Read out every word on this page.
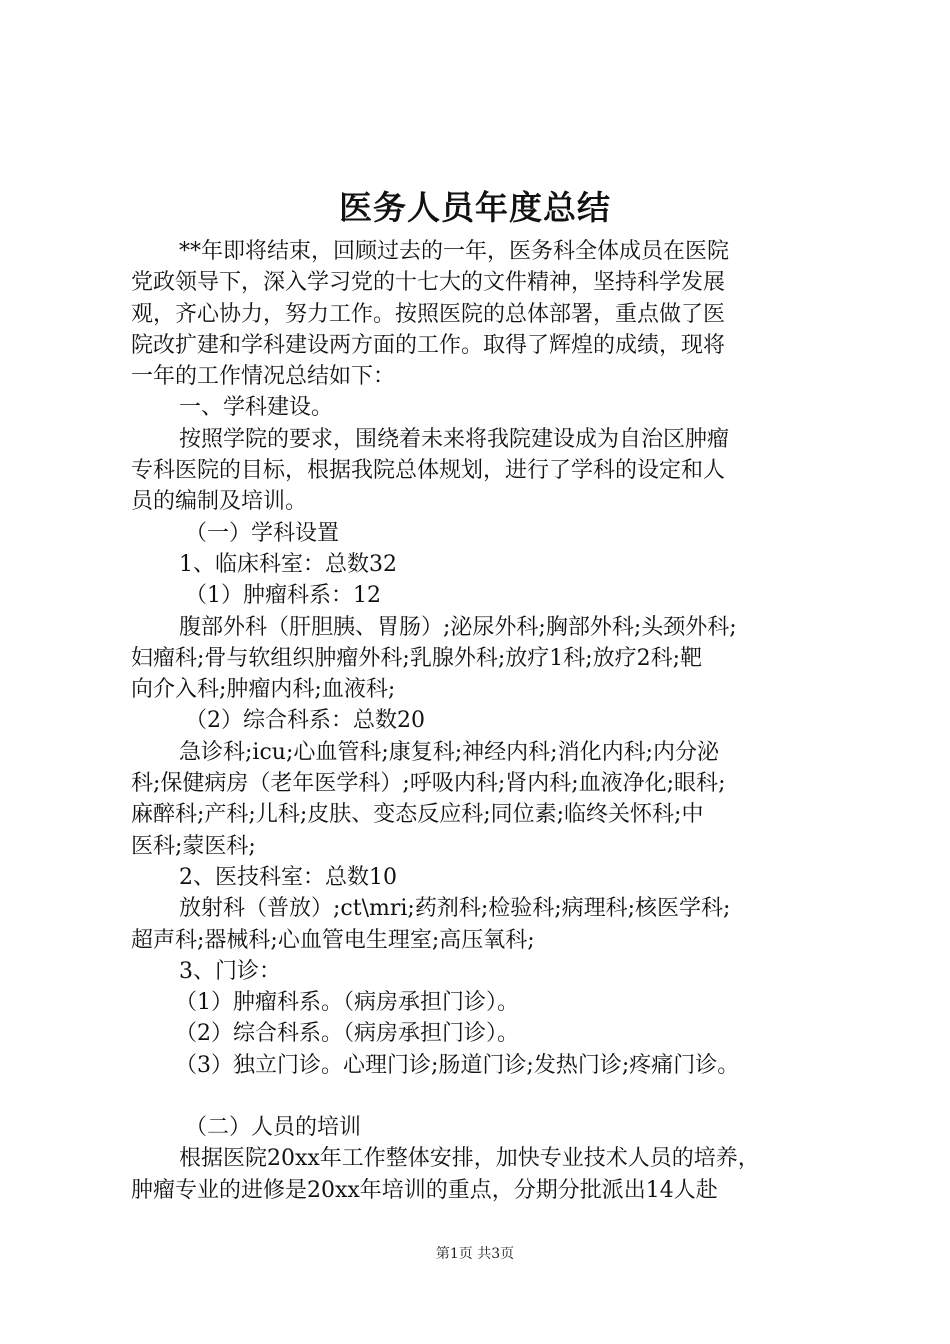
医务人员年度总结
**年即将结束，回顾过去的一年，医务科全体成员在医院
党政领导下，深入学习党的十七大的文件精神，坚持科学发展
观，齐心协力，努力工作。按照医院的总体部署，重点做了医
院改扩建和学科建设两方面的工作。取得了辉煌的成绩，现将
一年的工作情况总结如下：
一、学科建设。
按照学院的要求，围绕着未来将我院建设成为自治区肿瘤
专科医院的目标，根据我院总体规划，进行了学科的设定和人
员的编制及培训。
（一）学科设置
1、临床科室：总数32
（1）肿瘤科系：12
腹部外科（肝胆胰、胃肠）;泌尿外科;胸部外科;头颈外科;
妇瘤科;骨与软组织肿瘤外科;乳腺外科;放疗1科;放疗2科;靶
向介入科;肿瘤内科;血液科;
（2）综合科系：总数20
急诊科;icu;心血管科;康复科;神经内科;消化内科;内分泌
科;保健病房（老年医学科）;呼吸内科;肾内科;血液净化;眼科;
麻醉科;产科;儿科;皮肤、变态反应科;同位素;临终关怀科;中
医科;蒙医科;
2、医技科室：总数10
放射科（普放）;ct\mri;药剂科;检验科;病理科;核医学科;
超声科;器械科;心血管电生理室;高压氧科;
3、门诊：
（1）肿瘤科系。（病房承担门诊）。
（2）综合科系。（病房承担门诊）。
（3）独立门诊。心理门诊;肠道门诊;发热门诊;疼痛门诊。
（二）人员的培训
根据医院20xx年工作整体安排，加快专业技术人员的培养，
肿瘤专业的进修是20xx年培训的重点，分期分批派出14人赴
第1页 共3页
